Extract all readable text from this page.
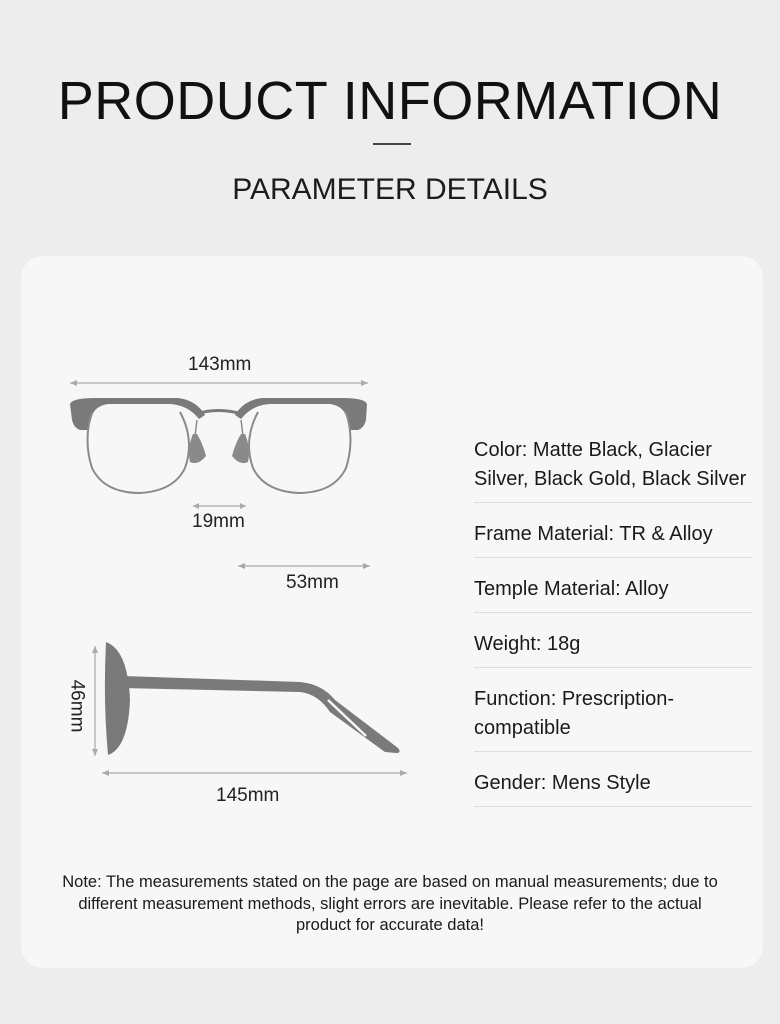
PRODUCT INFORMATION
PARAMETER DETAILS
143mm
19mm
53mm
46mm
145mm
Color: Matte Black, Glacier Silver, Black Gold, Black Silver
Frame Material: TR & Alloy
Temple Material: Alloy
Weight: 18g
Function: Prescription-compatible
Gender: Mens Style
Note: The measurements stated on the page are based on manual measurements; due to different measurement methods, slight errors are inevitable. Please refer to the actual product for accurate data!
